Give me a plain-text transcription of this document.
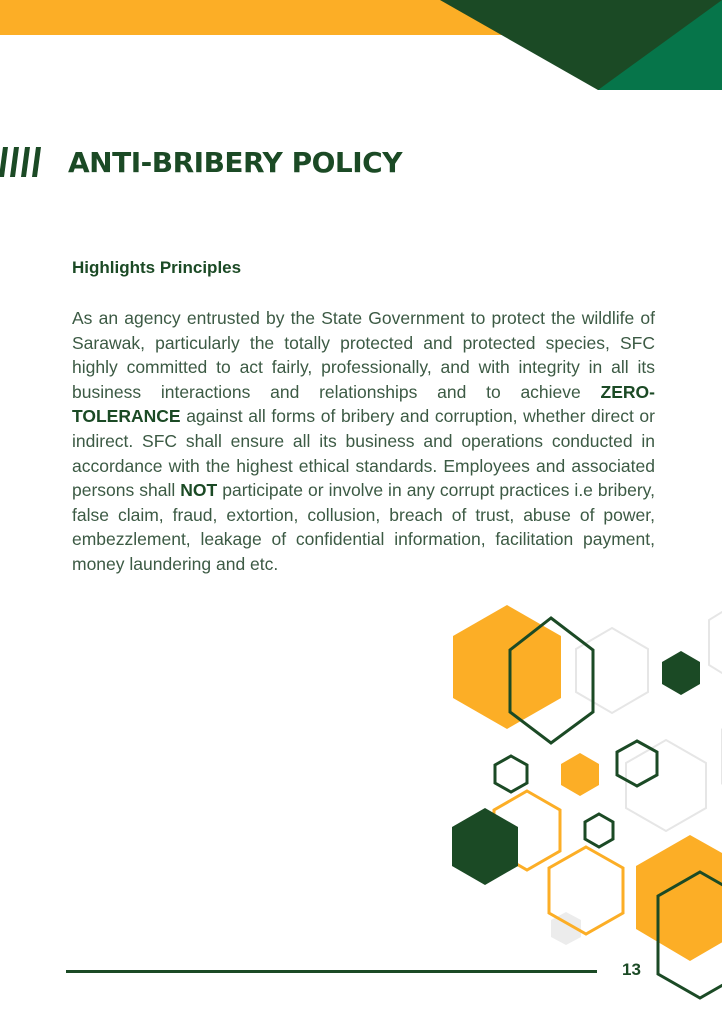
ANTI-BRIBERY POLICY
Highlights Principles
As an agency entrusted by the State Government to protect the wildlife of Sarawak, particularly the totally protected and protected species, SFC highly committed to act fairly, professionally, and with integrity in all its business interactions and relationships and to achieve ZERO-TOLERANCE against all forms of bribery and corruption, whether direct or indirect. SFC shall ensure all its business and operations conducted in accordance with the highest ethical standards. Employees and associated persons shall NOT participate or involve in any corrupt practices i.e bribery, false claim, fraud, extortion, collusion, breach of trust, abuse of power, embezzlement, leakage of confidential information, facilitation payment, money laundering and etc.
13
